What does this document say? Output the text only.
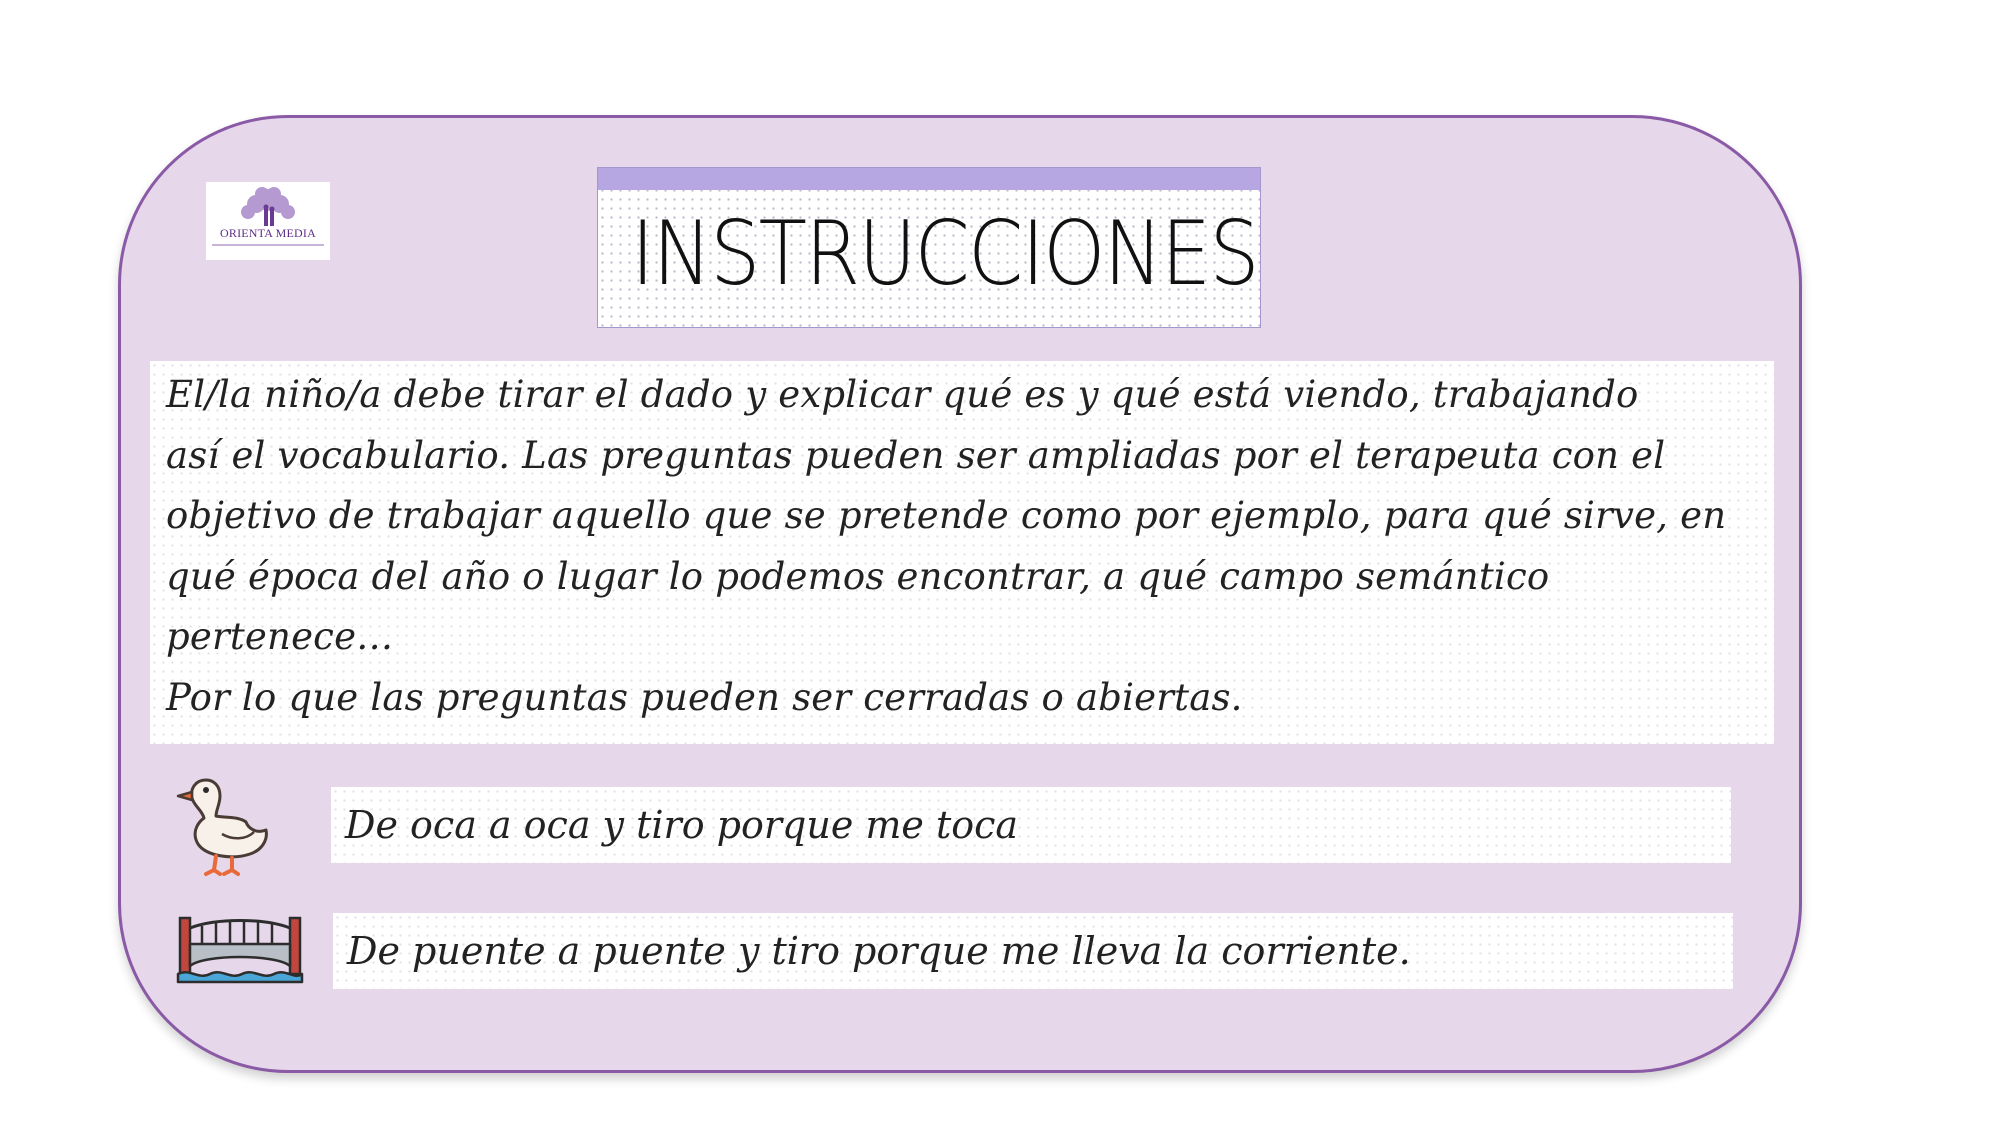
ORIENTA MEDIA	INSTRUCCIONES

El/la niño/a debe tirar el dado y explicar qué es y qué está viendo, trabajando

así el vocabulario. Las preguntas pueden ser ampliadas por el terapeuta con el

objetivo de trabajar aquello que se pretende como por ejemplo, para qué sirve, en

qué época del año o lugar lo podemos encontrar, a qué campo semántico

pertenece…

Por lo que las preguntas pueden ser cerradas o abiertas.

De oca a oca y tiro porque me toca
De puente a puente y tiro porque me lleva la corriente.
